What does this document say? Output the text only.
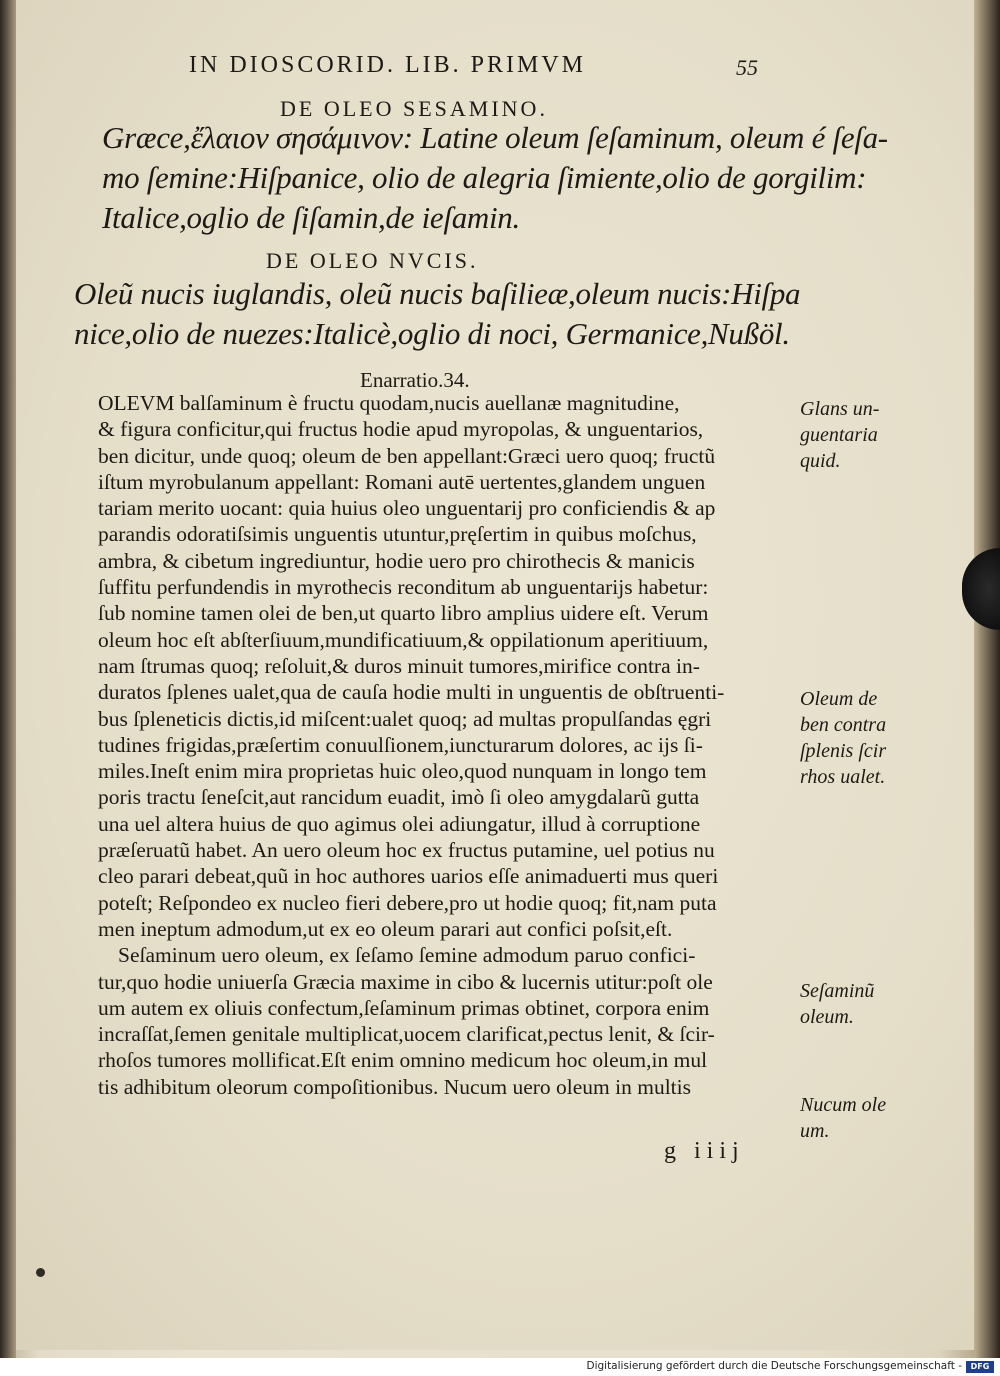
IN DIOSCORID. LIB. PRIMVM	55
DE OLEO SESAMINO.
Græce,ἔλαιον σησάμινον: Latine oleum ſeſaminum, oleum é ſeſa-
mo ſemine:Hiſpanice, olio de alegria ſimiente,olio de gorgilim:
Italice,oglio de ſiſamin,de ieſamin.
DE OLEO NVCIS.
Oleũ nucis iuglandis, oleũ nucis baſilieæ,oleum nucis:Hiſpa
nice,olio de nuezes:Italicè,oglio di noci, Germanice,Nußöl.
Enarratio.34.
OLEVM balſaminum è fructu quodam,nucis auellanæ magnitudine,
& figura conficitur,qui fructus hodie apud myropolas, & unguentarios,
ben dicitur, unde quoq; oleum de ben appellant:Græci uero quoq; fructũ
iſtum myrobulanum appellant: Romani autē uertentes,glandem unguen
tariam merito uocant: quia huius oleo unguentarij pro conficiendis & ap
parandis odoratiſsimis unguentis utuntur,pręſertim in quibus moſchus,
ambra, & cibetum ingrediuntur, hodie uero pro chirothecis & manicis
ſuffitu perfundendis in myrothecis reconditum ab unguentarijs habetur:
ſub nomine tamen olei de ben,ut quarto libro amplius uidere eſt. Verum
oleum hoc eſt abſterſiuum,mundificatiuum,& oppilationum aperitiuum,
nam ſtrumas quoq; reſoluit,& duros minuit tumores,mirifice contra in-
duratos ſplenes ualet,qua de cauſa hodie multi in unguentis de obſtruenti-
bus ſpleneticis dictis,id miſcent:ualet quoq; ad multas propulſandas ęgri
tudines frigidas,præſertim conuulſionem,iuncturarum dolores, ac ijs ſi-
miles.Ineſt enim mira proprietas huic oleo,quod nunquam in longo tem
poris tractu ſeneſcit,aut rancidum euadit, imò ſi oleo amygdalarũ gutta
una uel altera huius de quo agimus olei adiungatur, illud à corruptione
præſeruatũ habet. An uero oleum hoc ex fructus putamine, uel potius nu
cleo parari debeat,quũ in hoc authores uarios eſſe animaduerti mus queri
poteſt; Reſpondeo ex nucleo fieri debere,pro ut hodie quoq; fit,nam puta
men ineptum admodum,ut ex eo oleum parari aut confici poſsit,eſt.
Seſaminum uero oleum, ex ſeſamo ſemine admodum paruo confici-
tur,quo hodie uniuerſa Græcia maxime in cibo & lucernis utitur:poſt ole
um autem ex oliuis confectum,ſeſaminum primas obtinet, corpora enim
incraſſat,ſemen genitale multiplicat,uocem clarificat,pectus lenit, & ſcir-
rhoſos tumores mollificat.Eſt enim omnino medicum hoc oleum,in mul
tis adhibitum oleorum compoſitionibus. Nucum uero oleum in multis
Glans un-
guentaria
quid.
Oleum de
ben contra
ſplenis ſcir
rhos ualet.
Seſaminũ
oleum.
Nucum ole
um.
g iiij
Digitalisierung gefördert durch die Deutsche Forschungsgemeinschaft -	DFG
